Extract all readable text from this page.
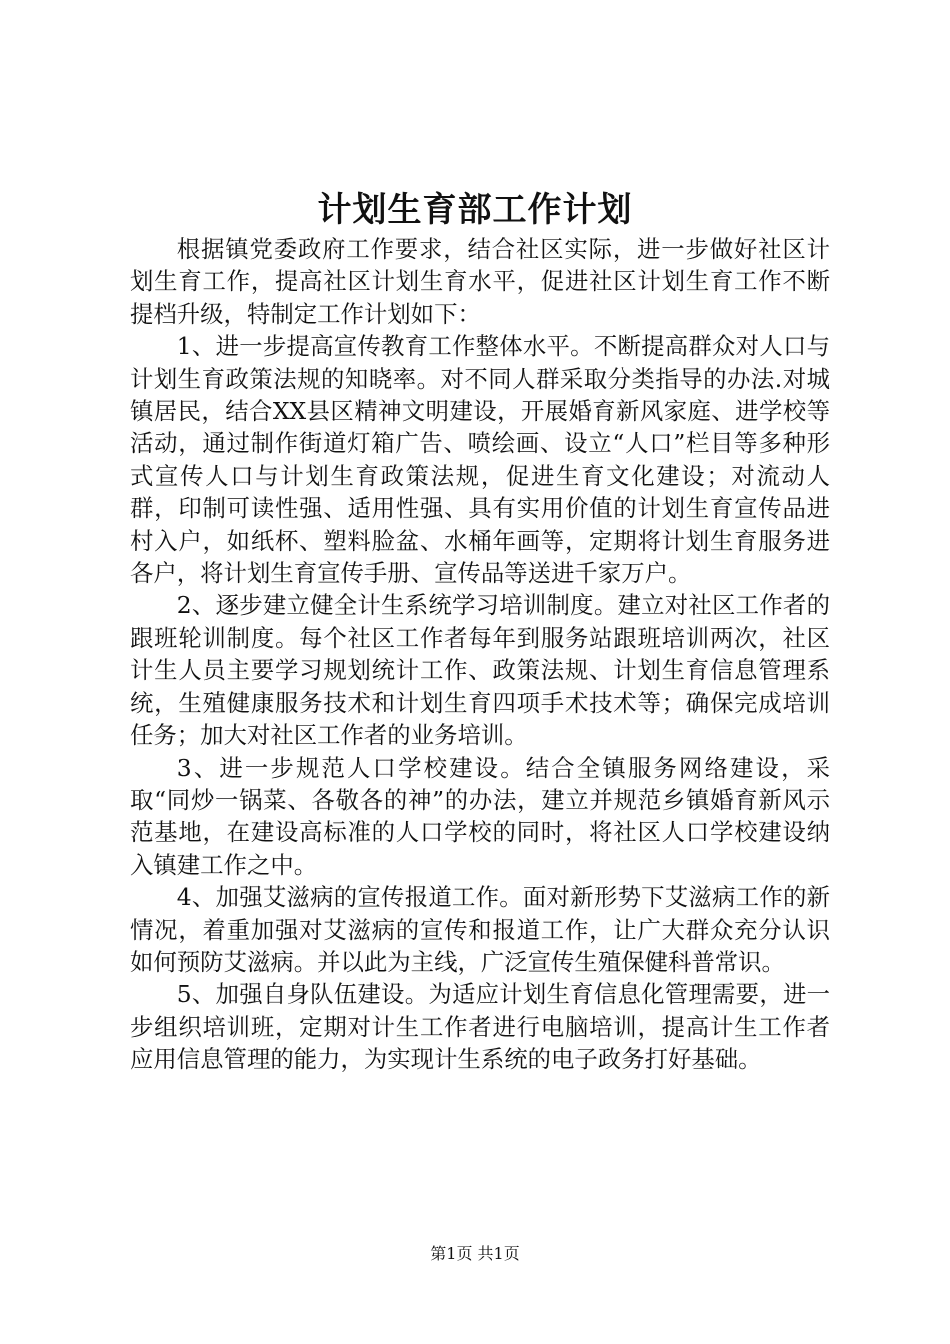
计划生育部工作计划

根据镇党委政府工作要求，结合社区实际，进一步做好社区计划生育工作，提高社区计划生育水平，促进社区计划生育工作不断提档升级，特制定工作计划如下：

1、进一步提高宣传教育工作整体水平。不断提高群众对人口与计划生育政策法规的知晓率。对不同人群采取分类指导的办法.对城镇居民，结合XX县区精神文明建设，开展婚育新风家庭、进学校等活动，通过制作街道灯箱广告、喷绘画、设立“人口”栏目等多种形式宣传人口与计划生育政策法规，促进生育文化建设；对流动人群，印制可读性强、适用性强、具有实用价值的计划生育宣传品进村入户，如纸杯、塑料脸盆、水桶年画等，定期将计划生育服务进各户，将计划生育宣传手册、宣传品等送进千家万户。

2、逐步建立健全计生系统学习培训制度。建立对社区工作者的跟班轮训制度。每个社区工作者每年到服务站跟班培训两次，社区计生人员主要学习规划统计工作、政策法规、计划生育信息管理系统，生殖健康服务技术和计划生育四项手术技术等；确保完成培训任务；加大对社区工作者的业务培训。

3、进一步规范人口学校建设。结合全镇服务网络建设，采取“同炒一锅菜、各敬各的神”的办法，建立并规范乡镇婚育新风示范基地，在建设高标准的人口学校的同时，将社区人口学校建设纳入镇建工作之中。

4、加强艾滋病的宣传报道工作。面对新形势下艾滋病工作的新情况，着重加强对艾滋病的宣传和报道工作，让广大群众充分认识如何预防艾滋病。并以此为主线，广泛宣传生殖保健科普常识。

5、加强自身队伍建设。为适应计划生育信息化管理需要，进一步组织培训班，定期对计生工作者进行电脑培训，提高计生工作者应用信息管理的能力，为实现计生系统的电子政务打好基础。

第1页 共1页
